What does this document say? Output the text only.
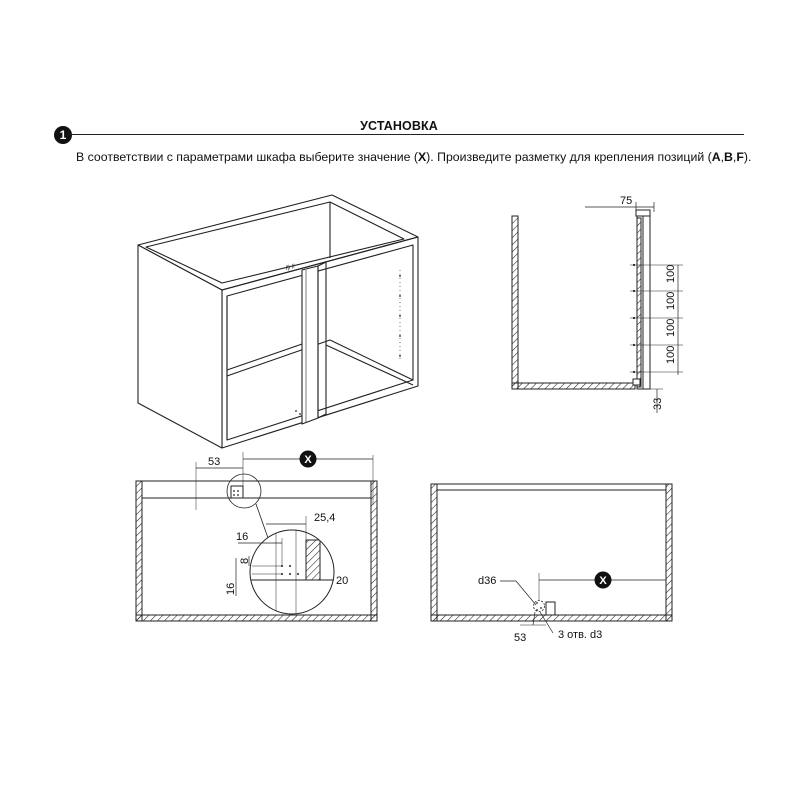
1
УСТАНОВКА
В соответствии с параметрами шкафа выберите значение (X). Произведите разметку для крепления позиций (A,B,F).
/|l //
75
100
100
100
100
33
53	X
25,4
16
8
16
20	d36	X
53	3 отв. d3
